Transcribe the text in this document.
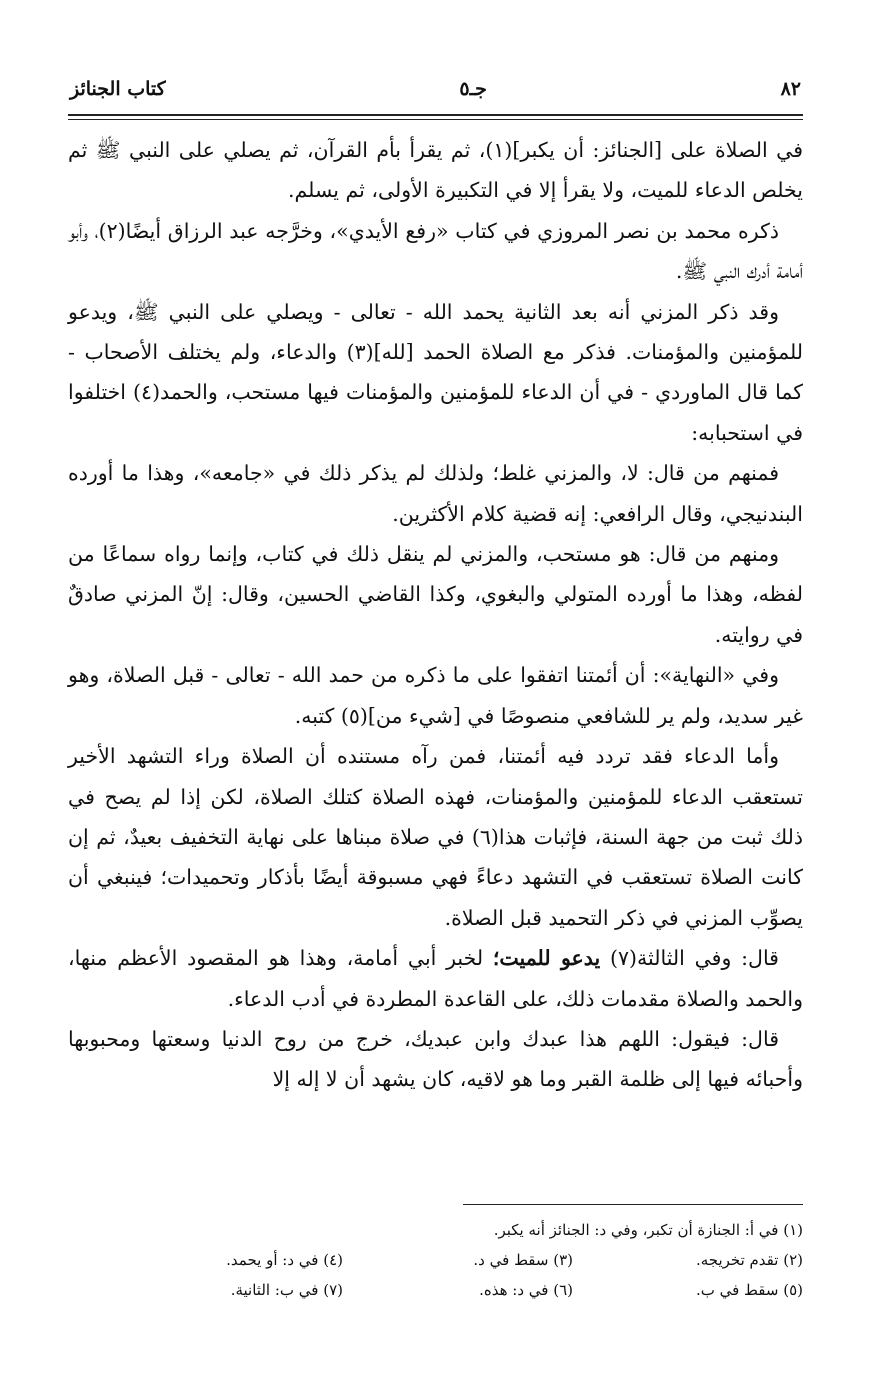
٨٢
جـ٥
كتاب الجنائز

في الصلاة على [الجنائز: أن يكبر](١)، ثم يقرأ بأم القرآن، ثم يصلي على النبي ﷺ ثم يخلص الدعاء للميت، ولا يقرأ إلا في التكبيرة الأولى، ثم يسلم.

ذكره محمد بن نصر المروزي في كتاب «رفع الأيدي»، وخرَّجه عبد الرزاق أيضًا(٢)، وأبو أمامة أدرك النبي ﷺ.

وقد ذكر المزني أنه بعد الثانية يحمد الله - تعالى - ويصلي على النبي ﷺ، ويدعو للمؤمنين والمؤمنات. فذكر مع الصلاة الحمد [لله](٣) والدعاء، ولم يختلف الأصحاب - كما قال الماوردي - في أن الدعاء للمؤمنين والمؤمنات فيها مستحب، والحمد(٤) اختلفوا في استحبابه:

فمنهم من قال: لا، والمزني غلط؛ ولذلك لم يذكر ذلك في «جامعه»، وهذا ما أورده البندنيجي، وقال الرافعي: إنه قضية كلام الأكثرين.

ومنهم من قال: هو مستحب، والمزني لم ينقل ذلك في كتاب، وإنما رواه سماعًا من لفظه، وهذا ما أورده المتولي والبغوي، وكذا القاضي الحسين، وقال: إنّ المزني صادقٌ في روايته.

وفي «النهاية»: أن أئمتنا اتفقوا على ما ذكره من حمد الله - تعالى - قبل الصلاة، وهو غير سديد، ولم ير للشافعي منصوصًا في [شيء من](٥) كتبه.

وأما الدعاء فقد تردد فيه أئمتنا، فمن رآه مستنده أن الصلاة وراء التشهد الأخير تستعقب الدعاء للمؤمنين والمؤمنات، فهذه الصلاة كتلك الصلاة، لكن إذا لم يصح في ذلك ثبت من جهة السنة، فإثبات هذا(٦) في صلاة مبناها على نهاية التخفيف بعيدٌ، ثم إن كانت الصلاة تستعقب في التشهد دعاءً فهي مسبوقة أيضًا بأذكار وتحميدات؛ فينبغي أن يصوِّب المزني في ذكر التحميد قبل الصلاة.

قال: وفي الثالثة(٧) يدعو للميت؛ لخبر أبي أمامة، وهذا هو المقصود الأعظم منها، والحمد والصلاة مقدمات ذلك، على القاعدة المطردة في أدب الدعاء.

قال: فيقول: اللهم هذا عبدك وابن عبديك، خرج من روح الدنيا وسعتها ومحبوبها وأحبائه فيها إلى ظلمة القبر وما هو لاقيه، كان يشهد أن لا إله إلا

(١) في أ: الجنازة أن تكبر، وفي د: الجنائز أنه يكبر.
(٢) تقدم تخريجه.
(٣) سقط في د.
(٤) في د: أو يحمد.
(٥) سقط في ب.
(٦) في د: هذه.
(٧) في ب: الثانية.
